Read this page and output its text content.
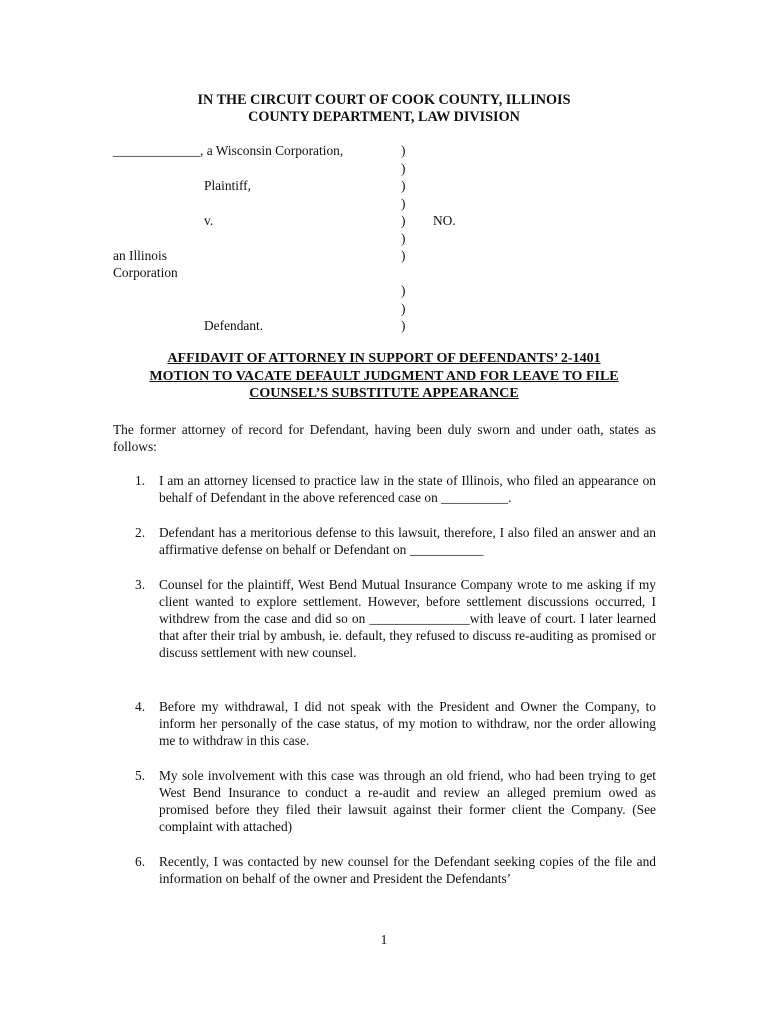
IN THE CIRCUIT COURT OF COOK COUNTY, ILLINOIS
COUNTY DEPARTMENT, LAW DIVISION
_____________, a Wisconsin Corporation,
Plaintiff,
v.	NO.
an Illinois
Corporation
Defendant.
)
)
)
)
)
)
)
)
)
)
AFFIDAVIT OF ATTORNEY IN SUPPORT OF DEFENDANTS’ 2-1401
MOTION TO VACATE DEFAULT JUDGMENT AND FOR LEAVE TO FILE
COUNSEL’S SUBSTITUTE APPEARANCE
The former attorney of record for Defendant, having been duly sworn and under oath, states as follows:
1. I am an attorney licensed to practice law in the state of Illinois, who filed an appearance on behalf of Defendant in the above referenced case on __________.
2. Defendant has a meritorious defense to this lawsuit, therefore, I also filed an answer and an affirmative defense on behalf or Defendant on ___________
3. Counsel for the plaintiff, West Bend Mutual Insurance Company wrote to me asking if my client wanted to explore settlement. However, before settlement discussions occurred, I withdrew from the case and did so on _______________with leave of court. I later learned that after their trial by ambush, ie. default, they refused to discuss re-auditing as promised or discuss settlement with new counsel.
4. Before my withdrawal, I did not speak with the President and Owner the Company, to inform her personally of the case status, of my motion to withdraw, nor the order allowing me to withdraw in this case.
5. My sole involvement with this case was through an old friend, who had been trying to get West Bend Insurance to conduct a re-audit and review an alleged premium owed as promised before they filed their lawsuit against their former client the Company. (See complaint with attached)
6. Recently, I was contacted by new counsel for the Defendant seeking copies of the file and information on behalf of the owner and President the Defendants’
1
